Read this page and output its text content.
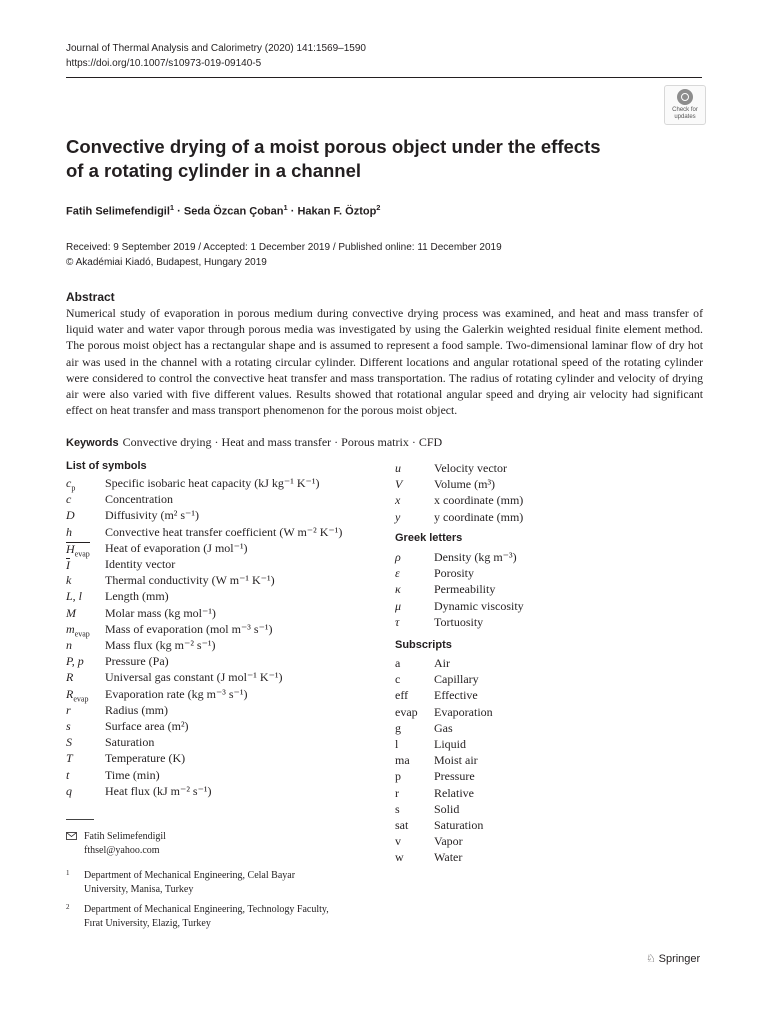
Journal of Thermal Analysis and Calorimetry (2020) 141:1569–1590
https://doi.org/10.1007/s10973-019-09140-5
Check for
updates
Convective drying of a moist porous object under the effects
of a rotating cylinder in a channel
Fatih Selimefendigil$^1$ · Seda Özcan Çoban$^1$ · Hakan F. Öztop$^2$
Received: 9 September 2019 / Accepted: 1 December 2019 / Published online: 11 December 2019
© Akadémiai Kiadó, Budapest, Hungary 2019
Abstract
Numerical study of evaporation in porous medium during convective drying process was examined, and heat and mass transfer of liquid water and water vapor through porous media was investigated by using the Galerkin weighted residual finite element method. The porous moist object has a rectangular shape and is assumed to represent a food sample. Two-dimensional laminar flow of dry hot air was used in the channel with a rotating circular cylinder. Different locations and angular rotational speed of the rotating cylinder were considered to control the convective heat transfer and mass transportation. The radius of rotating cylinder and velocity of drying air were also varied with five different values. Results showed that rotational angular speed and drying air velocity had significant effect on heat transfer and mass transport phenomenon for the porous moist object.
Keywords Convective drying · Heat and mass transfer · Porous matrix · CFD
List of symbols
$c_p$ Specific isobaric heat capacity (kJ kg⁻¹ K⁻¹)
c	Concentration
D	Diffusivity (m² s⁻¹)
h	Convective heat transfer coefficient (W m⁻² K⁻¹)
$H_{evap}$ Heat of evaporation (J mol⁻¹)
I	Identity vector
k	Thermal conductivity (W m⁻¹ K⁻¹)
L, l Length (mm)
M Molar mass (kg mol⁻¹)
$m_{evap}$ Mass of evaporation (mol m⁻³ s⁻¹)
n	Mass flux (kg m⁻² s⁻¹)
P, p Pressure (Pa)
R	Universal gas constant (J mol⁻¹ K⁻¹)
$R_{evap}$ Evaporation rate (kg m⁻³ s⁻¹)
r	Radius (mm)
s	Surface area (m²)
S	Saturation
T	Temperature (K)
t	Time (min)
q	Heat flux (kJ m⁻² s⁻¹)
u Velocity vector
V	Volume (m³)
x	x coordinate (mm)
y	y coordinate (mm)
Greek letters
ρ	Density (kg m⁻³)
ε	Porosity
κ	Permeability
μ	Dynamic viscosity
τ	Tortuosity
Subscripts
a	Air
c	Capillary
eff Effective
evap Evaporation
g	Gas
l	Liquid
ma Moist air
p	Pressure
r	Relative
s	Solid
sat Saturation
v	Vapor
w	Water
Fatih Selimefendigil
fthsel@yahoo.com
1 Department of Mechanical Engineering, Celal Bayar
University, Manisa, Turkey
2 Department of Mechanical Engineering, Technology Faculty,
Fırat University, Elazig, Turkey
♘ Springer
